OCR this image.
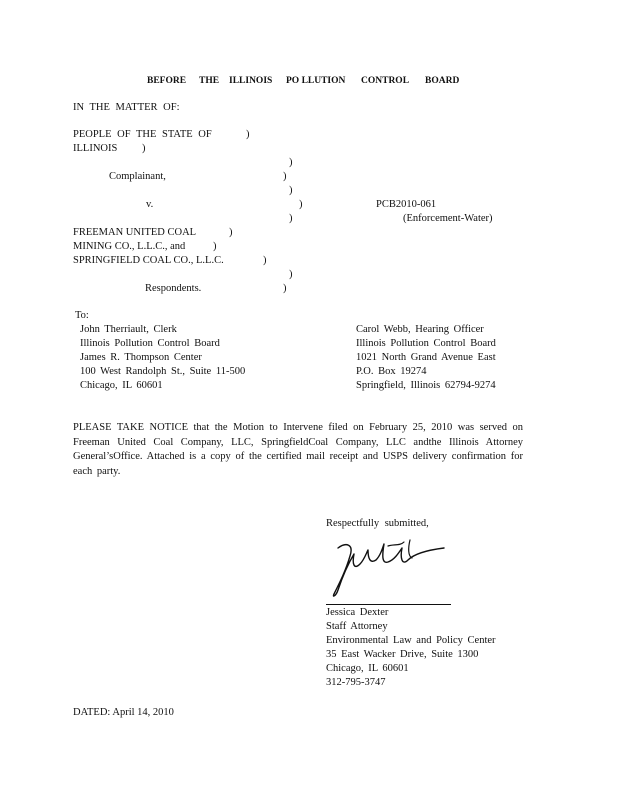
BEFORE THE ILLINOIS PO LLUTION CONTROL BOARD
IN THE MATTER OF:
PEOPLE OF THE STATE OF	)
ILLINOIS )
)
Complainant,	)
)
v.	)	PCB2010-061
)	(Enforcement-Water)
FREEMAN UNITED COAL	)
MINING CO., L.L.C., and	)
SPRINGFIELD COAL CO., L.L.C.	)
)
Respondents.	)
To:
John Therriault, Clerk
Illinois Pollution Control Board
James R. Thompson Center
100 West Randolph St., Suite 11-500
Chicago, IL 60601
Carol Webb, Hearing Officer
Illinois Pollution Control Board
1021 North Grand Avenue East
P.O. Box 19274
Springfield, Illinois 62794-9274
PLEASE TAKE NOTICE that the Motion to Intervene filed on February 25, 2010 was served on Freeman United Coal Company, LLC, SpringfieldCoal Company, LLC andthe Illinois Attorney General’sOffice. Attached is a copy of the certified mail receipt and USPS delivery confirmation for each party.
Respectfully submitted,
Jessica Dexter
Staff Attorney
Environmental Law and Policy Center
35 East Wacker Drive, Suite 1300
Chicago, IL 60601
312-795-3747
DATED: April 14, 2010
